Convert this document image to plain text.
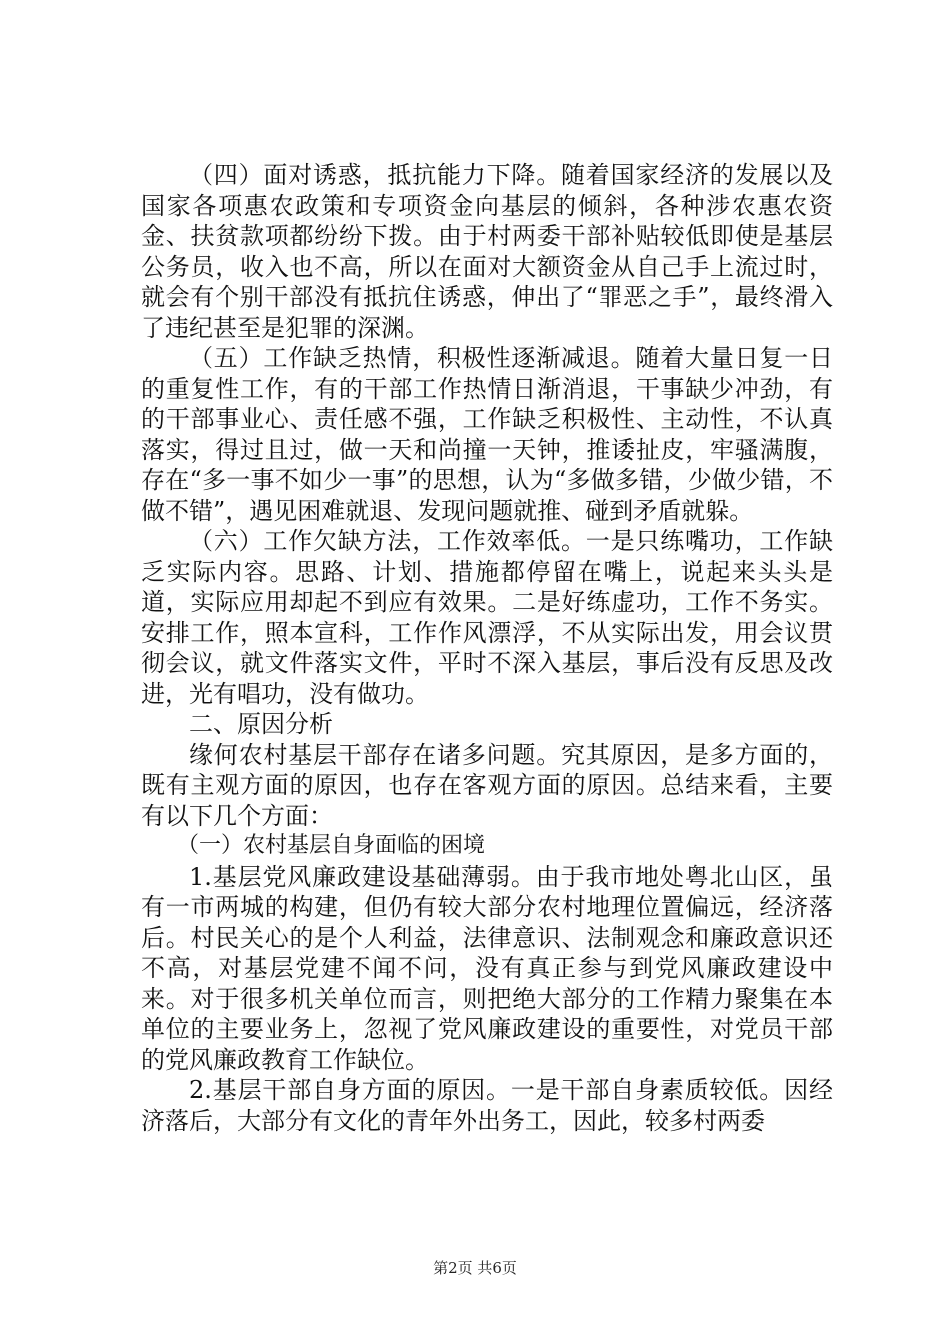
（四）面对诱惑，抵抗能力下降。随着国家经济的发展以及国家各项惠农政策和专项资金向基层的倾斜，各种涉农惠农资金、扶贫款项都纷纷下拨。由于村两委干部补贴较低即使是基层公务员，收入也不高，所以在面对大额资金从自己手上流过时，就会有个别干部没有抵抗住诱惑，伸出了“罪恶之手”，最终滑入了违纪甚至是犯罪的深渊。

（五）工作缺乏热情，积极性逐渐减退。随着大量日复一日的重复性工作，有的干部工作热情日渐消退，干事缺少冲劲，有的干部事业心、责任感不强，工作缺乏积极性、主动性，不认真落实，得过且过，做一天和尚撞一天钟，推诿扯皮，牢骚满腹，存在“多一事不如少一事”的思想，认为“多做多错，少做少错，不做不错”，遇见困难就退、发现问题就推、碰到矛盾就躲。

（六）工作欠缺方法，工作效率低。一是只练嘴功，工作缺乏实际内容。思路、计划、措施都停留在嘴上，说起来头头是道，实际应用却起不到应有效果。二是好练虚功，工作不务实。安排工作，照本宣科，工作作风漂浮，不从实际出发，用会议贯彻会议，就文件落实文件，平时不深入基层，事后没有反思及改进，光有唱功，没有做功。

二、原因分析

缘何农村基层干部存在诸多问题。究其原因，是多方面的，既有主观方面的原因，也存在客观方面的原因。总结来看，主要有以下几个方面：

（一）农村基层自身面临的困境

1.基层党风廉政建设基础薄弱。由于我市地处粤北山区，虽有一市两城的构建，但仍有较大部分农村地理位置偏远，经济落后。村民关心的是个人利益，法律意识、法制观念和廉政意识还不高，对基层党建不闻不问，没有真正参与到党风廉政建设中来。对于很多机关单位而言，则把绝大部分的工作精力聚集在本单位的主要业务上，忽视了党风廉政建设的重要性，对党员干部的党风廉政教育工作缺位。

2.基层干部自身方面的原因。一是干部自身素质较低。因经济落后，大部分有文化的青年外出务工，因此，较多村两委

第2页 共6页
